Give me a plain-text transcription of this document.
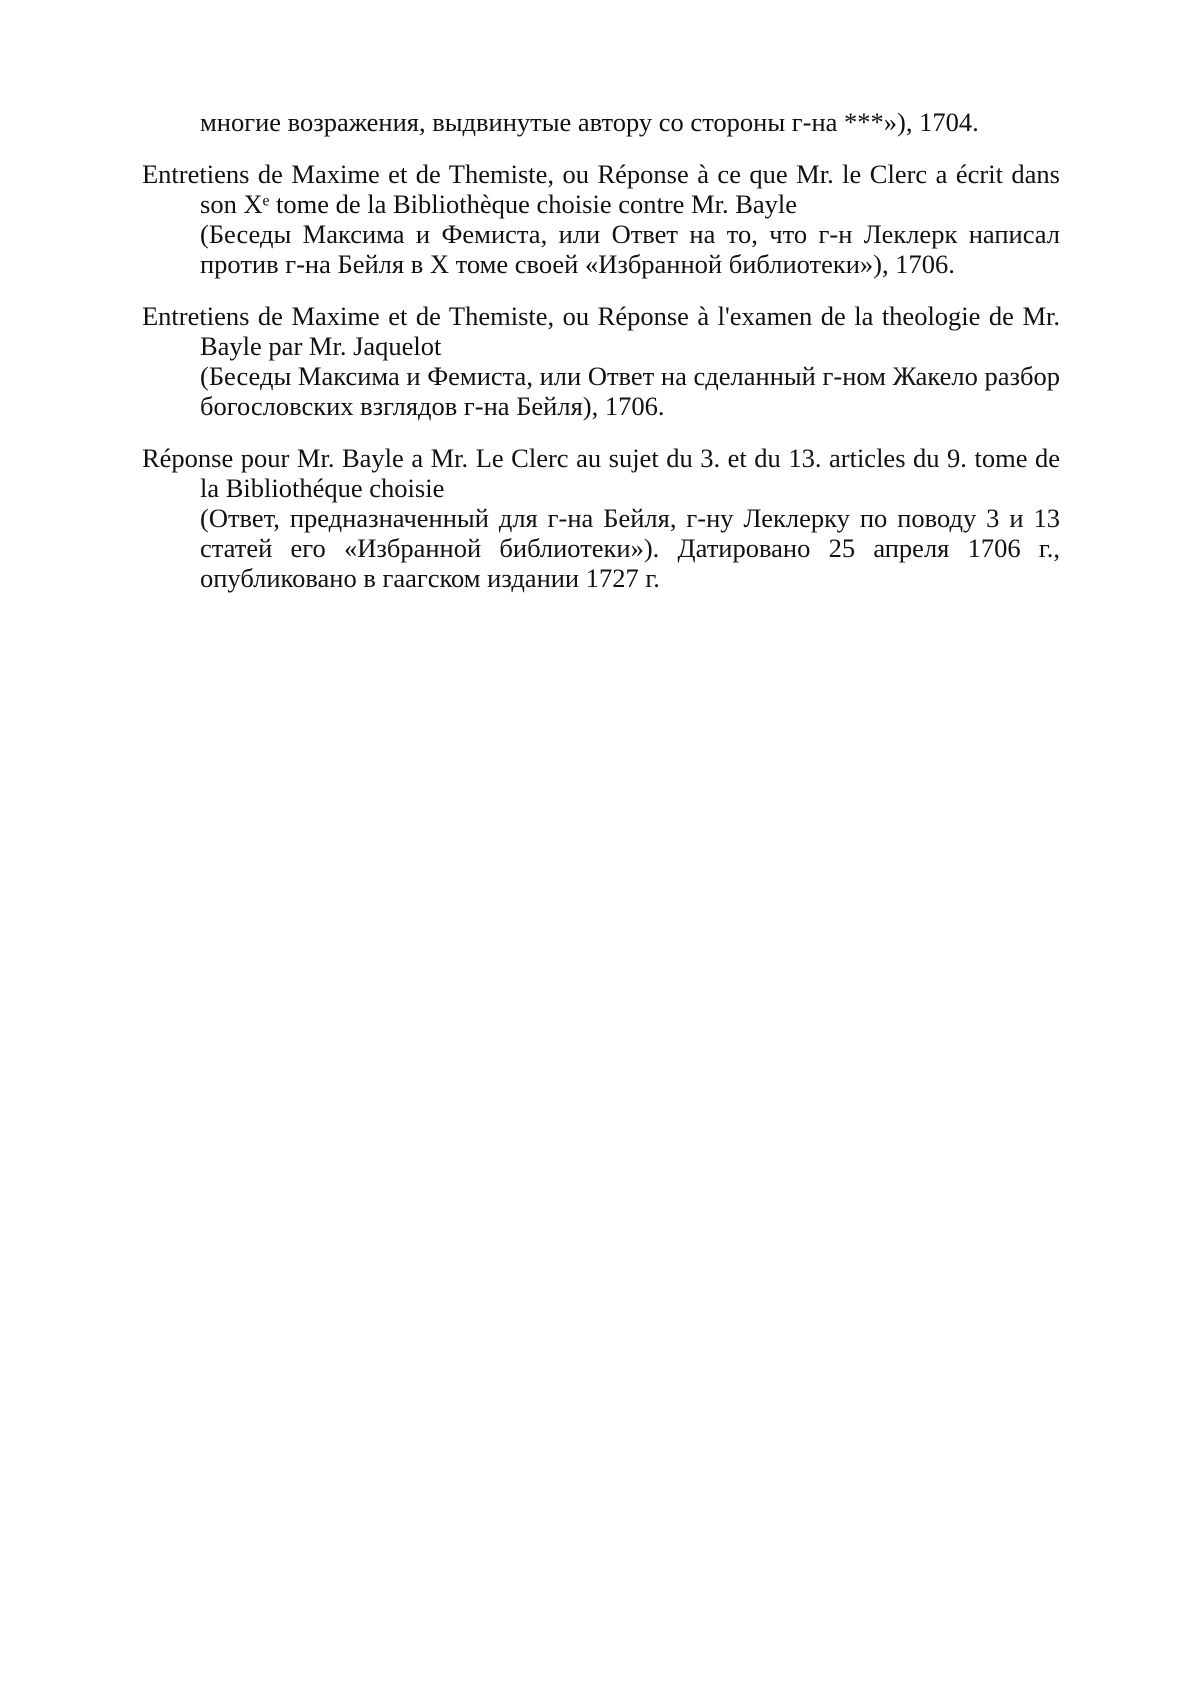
многие возражения, выдвинутые автору со стороны г-на ***»), 1704.

Entretiens de Maxime et de Themiste, ou Réponse à ce que Mr. le Clerc a écrit dans son Xᵉ tome de la Bibliothèque choisie contre Mr. Bayle

(Беседы Максима и Фемиста, или Ответ на то, что г-н Леклерк написал против г-на Бейля в X томе своей «Избранной библиотеки»), 1706.

Entretiens de Maxime et de Themiste, ou Réponse à l'examen de la theologie de Mr. Bayle par Mr. Jaquelot

(Беседы Максима и Фемиста, или Ответ на сделанный г-ном Жакело разбор богословских взглядов г-на Бейля), 1706.

Réponse pour Mr. Bayle a Mr. Le Clerc au sujet du 3. et du 13. articles du 9. tome de la Bibliothéque choisie

(Ответ, предназначенный для г-на Бейля, г-ну Леклерку по поводу 3 и 13 статей его «Избранной библиотеки»). Датировано 25 апреля 1706 г., опубликовано в гаагском издании 1727 г.
